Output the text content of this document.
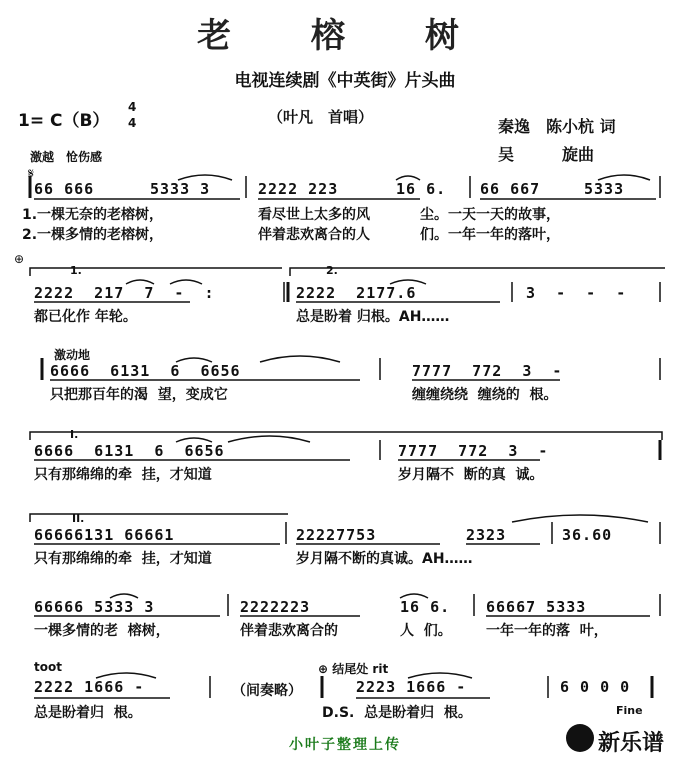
老 榕 树
电视连续剧《中英街》片头曲
1= C（B）
4
4	（叶凡　首唱）	秦逸　陈小杭 词
吴　　　旋曲
激越　怆伤感
𝄋
66 666	5333 3	2222 223	16 6. 66 667	5333
1.一棵无奈的老榕树，	看尽世上太多的风	尘。一天一天的故事，
2.一棵多情的老榕树，	伴着悲欢离合的人	们。一年一年的落叶，
⊕
1.	2.
2222  217  7  -  :	2222  2177.6	3  -  -  -
都已化作 年轮。	总是盼着 归根。AH……
激动地
6666  6131  6  6656	7777  772  3  -
只把那百年的渴  望，变成它	缠缠绕绕  缠绕的  根。
I.
6666  6131  6  6656	7777  772  3  -
只有那绵绵的牵  挂，才知道	岁月隔不  断的真  诚。
II.
66666131 66661	22227753	2323	36.60
只有那绵绵的牵  挂，才知道	岁月隔不断的真诚。AH……
66666 5333 3	2222223	16 6. 66667 5333
一棵多情的老  榕树，	伴着悲欢离合的	人  们。 一年一年的落  叶，
toot	⊕ 结尾处 rit
2222 1666 -	（间奏略）	2223 1666 -	6 0 0 0
总是盼着归  根。	D.S.  总是盼着归  根。	Fine
小叶子整理上传	新乐谱
